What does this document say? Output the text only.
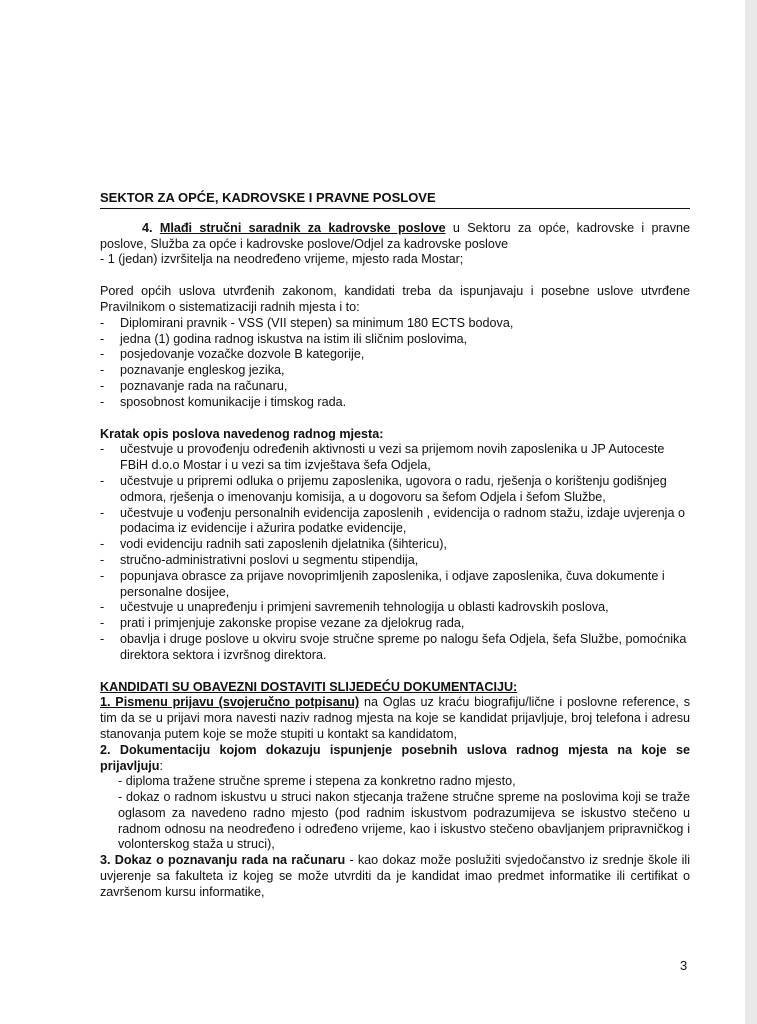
SEKTOR ZA OPĆE, KADROVSKE I PRAVNE POSLOVE

4. Mlađi stručni saradnik za kadrovske poslove u Sektoru za opće, kadrovske i pravne poslove, Služba za opće i kadrovske poslove/Odjel za kadrovske poslove

- 1 (jedan) izvršitelja na neodređeno vrijeme, mjesto rada Mostar;

Pored općih uslova utvrđenih zakonom, kandidati treba da ispunjavaju i posebne uslove utvrđene Pravilnikom o sistematizaciji radnih mjesta i to:

- Diplomirani pravnik - VSS (VII stepen) sa minimum 180 ECTS bodova,
- jedna (1) godina radnog iskustva na istim ili sličnim poslovima,
- posjedovanje vozačke dozvole B kategorije,
- poznavanje engleskog jezika,
- poznavanje rada na računaru,
- sposobnost komunikacije i timskog rada.

Kratak opis poslova navedenog radnog mjesta:

- učestvuje u provođenju određenih aktivnosti u vezi sa prijemom novih zaposlenika u JP Autoceste FBiH d.o.o Mostar i u vezi sa tim izvještava šefa Odjela,
- učestvuje u pripremi odluka o prijemu zaposlenika, ugovora o radu, rješenja o korištenju godišnjeg odmora, rješenja o imenovanju komisija, a u dogovoru sa šefom Odjela i šefom Službe,
- učestvuje u vođenju personalnih evidencija zaposlenih , evidencija o radnom stažu, izdaje uvjerenja o podacima iz evidencije i ažurira podatke evidencije,
- vodi evidenciju radnih sati zaposlenih djelatnika (šihtericu),
- stručno-administrativni poslovi u segmentu stipendija,
- popunjava obrasce za prijave novoprimljenih zaposlenika, i odjave zaposlenika, čuva dokumente i personalne dosijee,
- učestvuje u unapređenju i primjeni savremenih tehnologija u oblasti kadrovskih poslova,
- prati i primjenjuje zakonske propise vezane za djelokrug rada,
- obavlja i druge poslove u okviru svoje stručne spreme po nalogu šefa Odjela, šefa Službe, pomoćnika direktora sektora i izvršnog direktora.

KANDIDATI SU OBAVEZNI DOSTAVITI SLIJEDEĆU DOKUMENTACIJU:

1. Pismenu prijavu (svojeručno potpisanu) na Oglas uz kraću biografiju/lične i poslovne reference, s tim da se u prijavi mora navesti naziv radnog mjesta na koje se kandidat prijavljuje, broj telefona i adresu stanovanja putem koje se može stupiti u kontakt sa kandidatom,

2. Dokumentaciju kojom dokazuju ispunjenje posebnih uslova radnog mjesta na koje se prijavljuju:

- diploma tražene stručne spreme i stepena za konkretno radno mjesto,

- dokaz o radnom iskustvu u struci nakon stjecanja tražene stručne spreme na poslovima koji se traže oglasom za navedeno radno mjesto (pod radnim iskustvom podrazumijeva se iskustvo stečeno u radnom odnosu na neodređeno i određeno vrijeme, kao i iskustvo stečeno obavljanjem pripravničkog i volonterskog staža u struci),

3. Dokaz o poznavanju rada na računaru - kao dokaz može poslužiti svjedočanstvo iz srednje škole ili uvjerenje sa fakulteta iz kojeg se može utvrditi da je kandidat imao predmet informatike ili certifikat o završenom kursu informatike,

3
